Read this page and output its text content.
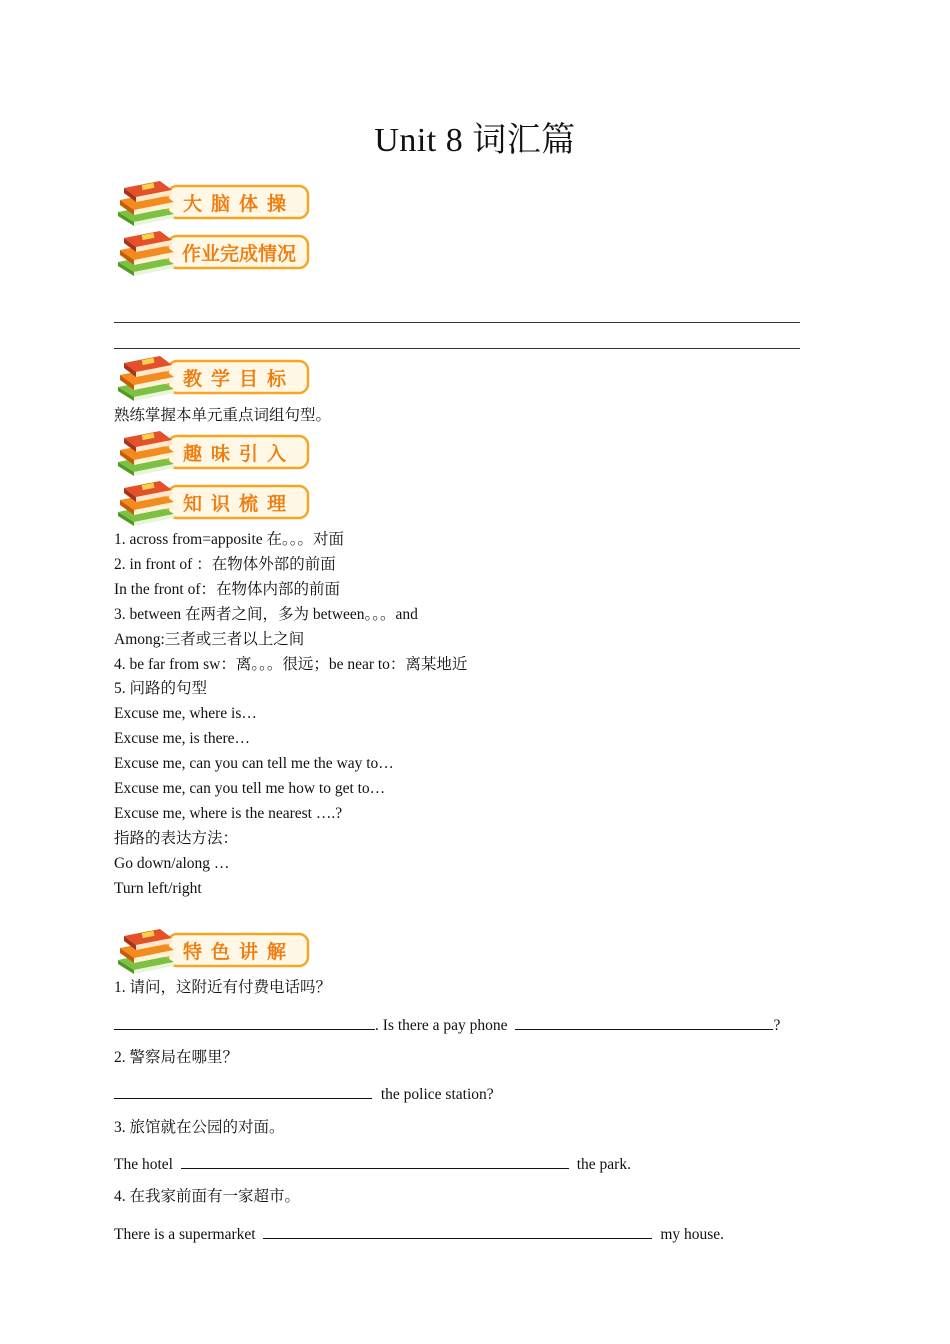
Unit 8 词汇篇
大脑体操
作业完成情况
教学目标
熟练掌握本单元重点词组句型。
趣味引入
知识梳理
1. across from=apposite 在。。。对面
2. in front of ：在物体外部的前面
In the front of：在物体内部的前面
3. between 在两者之间，多为 between。。。and
Among:三者或三者以上之间
4. be far from sw：离。。。很远；be near to：离某地近
5. 问路的句型
Excuse me, where is…
Excuse me, is there…
Excuse me, can you can tell me the way to…
Excuse me, can you tell me how to get to…
Excuse me, where is the nearest ….?
指路的表达方法：
Go down/along …
Turn left/right
特色讲解
1. 请问，这附近有付费电话吗？
. Is there a pay phone	?
2. 警察局在哪里？
the police station?
3. 旅馆就在公园的对面。
The hotel	the park.
4. 在我家前面有一家超市。
There is a supermarket	my house.
